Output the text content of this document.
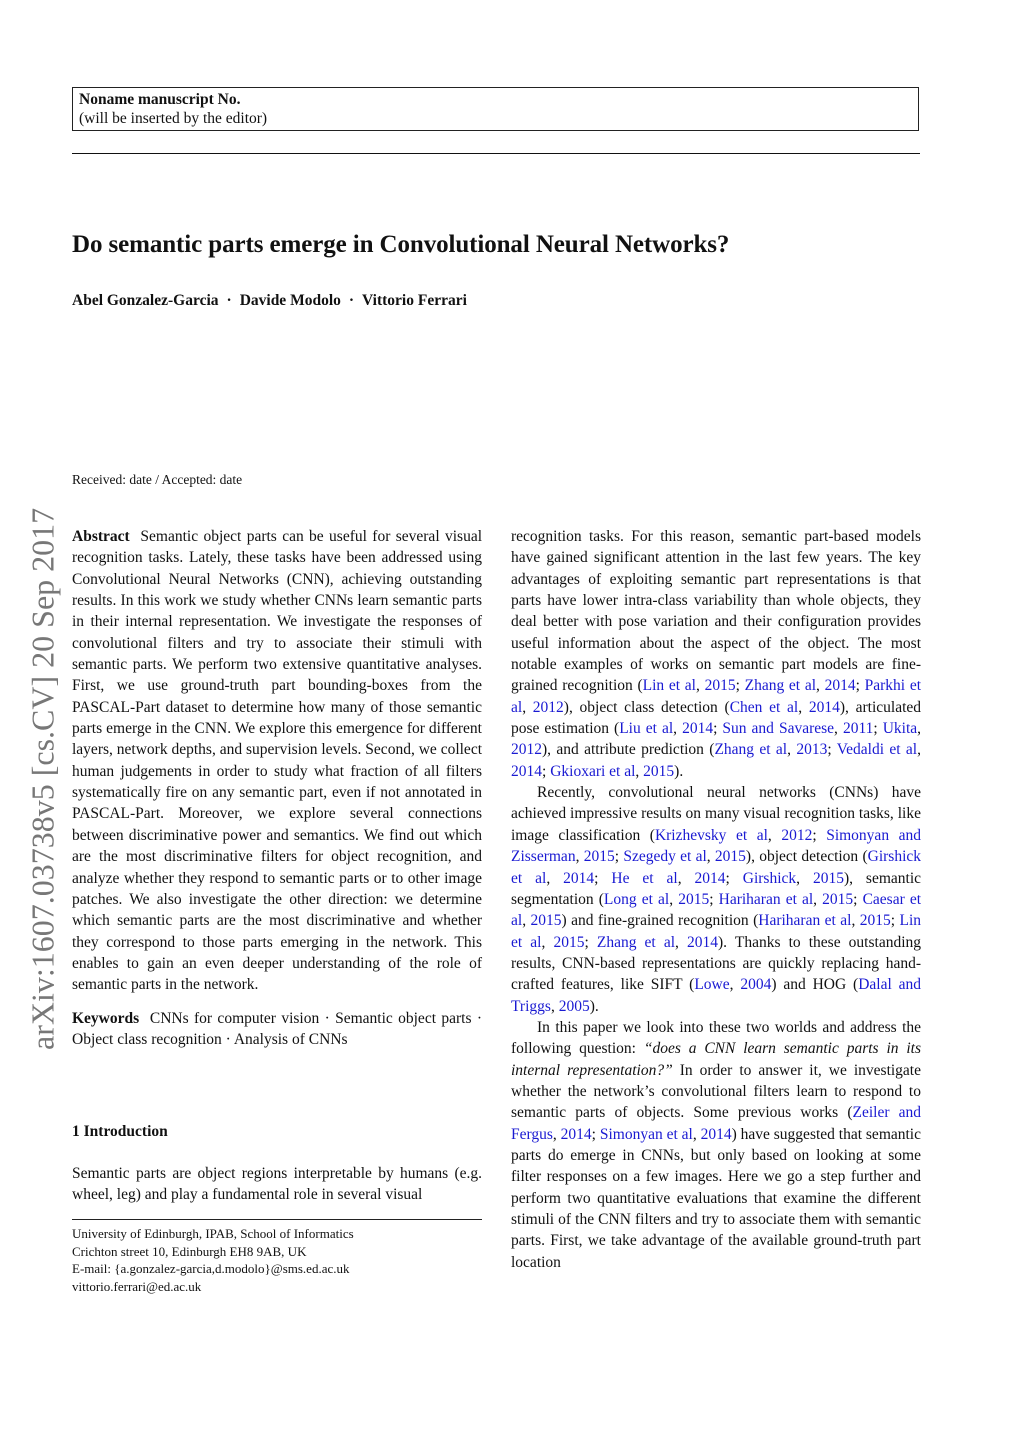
Noname manuscript No.
(will be inserted by the editor)
Do semantic parts emerge in Convolutional Neural Networks?
Abel Gonzalez-Garcia · Davide Modolo · Vittorio Ferrari
arXiv:1607.03738v5 [cs.CV] 20 Sep 2017
Received: date / Accepted: date

Abstract Semantic object parts can be useful for several visual recognition tasks. Lately, these tasks have been addressed using Convolutional Neural Networks (CNN), achieving outstanding results. In this work we study whether CNNs learn semantic parts in their internal representation. We investigate the responses of convolutional filters and try to associate their stimuli with semantic parts. We perform two extensive quantitative analyses. First, we use ground-truth part bounding-boxes from the PASCAL-Part dataset to determine how many of those semantic parts emerge in the CNN. We explore this emergence for different layers, network depths, and supervision levels. Second, we collect human judgements in order to study what fraction of all filters systematically fire on any semantic part, even if not annotated in PASCAL-Part. Moreover, we explore several connections between discriminative power and semantics. We find out which are the most discriminative filters for object recognition, and analyze whether they respond to semantic parts or to other image patches. We also investigate the other direction: we determine which semantic parts are the most discriminative and whether they correspond to those parts emerging in the network. This enables to gain an even deeper understanding of the role of semantic parts in the network.

Keywords CNNs for computer vision · Semantic object parts · Object class recognition · Analysis of CNNs

1 Introduction
Semantic parts are object regions interpretable by humans (e.g. wheel, leg) and play a fundamental role in several visual
University of Edinburgh, IPAB, School of Informatics
Crichton street 10, Edinburgh EH8 9AB, UK
E-mail: {a.gonzalez-garcia,d.modolo}@sms.ed.ac.uk
vittorio.ferrari@ed.ac.uk

recognition tasks. For this reason, semantic part-based models have gained significant attention in the last few years. The key advantages of exploiting semantic part representations is that parts have lower intra-class variability than whole objects, they deal better with pose variation and their configuration provides useful information about the aspect of the object. The most notable examples of works on semantic part models are fine-grained recognition (Lin et al, 2015; Zhang et al, 2014; Parkhi et al, 2012), object class detection (Chen et al, 2014), articulated pose estimation (Liu et al, 2014; Sun and Savarese, 2011; Ukita, 2012), and attribute prediction (Zhang et al, 2013; Vedaldi et al, 2014; Gkioxari et al, 2015).

Recently, convolutional neural networks (CNNs) have achieved impressive results on many visual recognition tasks, like image classification (Krizhevsky et al, 2012; Simonyan and Zisserman, 2015; Szegedy et al, 2015), object detection (Girshick et al, 2014; He et al, 2014; Girshick, 2015), semantic segmentation (Long et al, 2015; Hariharan et al, 2015; Caesar et al, 2015) and fine-grained recognition (Hariharan et al, 2015; Lin et al, 2015; Zhang et al, 2014). Thanks to these outstanding results, CNN-based representations are quickly replacing hand-crafted features, like SIFT (Lowe, 2004) and HOG (Dalal and Triggs, 2005).

In this paper we look into these two worlds and address the following question: “does a CNN learn semantic parts in its internal representation?” In order to answer it, we investigate whether the network’s convolutional filters learn to respond to semantic parts of objects. Some previous works (Zeiler and Fergus, 2014; Simonyan et al, 2014) have suggested that semantic parts do emerge in CNNs, but only based on looking at some filter responses on a few images. Here we go a step further and perform two quantitative evaluations that examine the different stimuli of the CNN filters and try to associate them with semantic parts. First, we take advantage of the available ground-truth part location
